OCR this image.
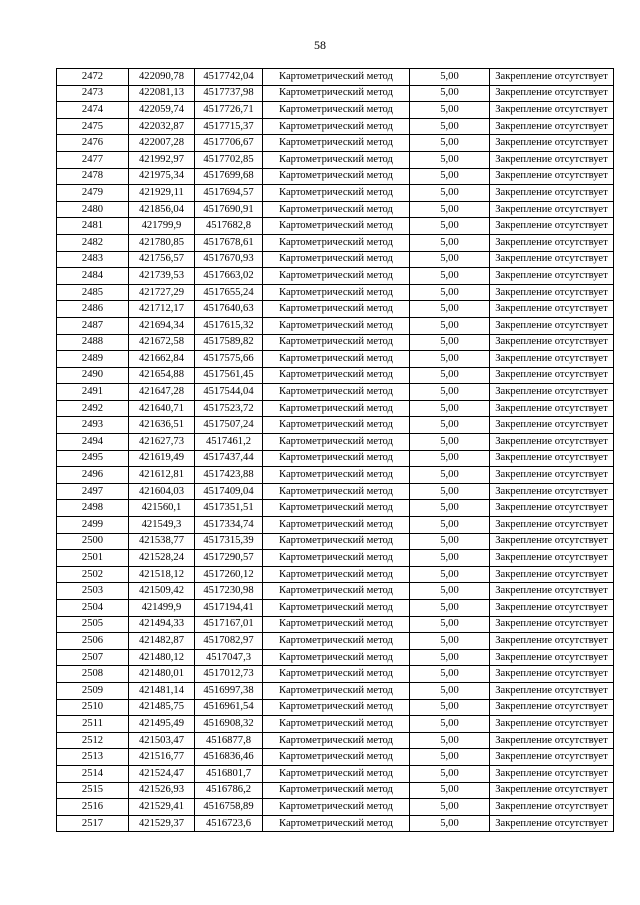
58
2472	422090,78	4517742,04	Картометрический метод	5,00	Закрепление отсутствует
2473	422081,13	4517737,98	Картометрический метод	5,00	Закрепление отсутствует
2474	422059,74	4517726,71	Картометрический метод	5,00	Закрепление отсутствует
2475	422032,87	4517715,37	Картометрический метод	5,00	Закрепление отсутствует
2476	422007,28	4517706,67	Картометрический метод	5,00	Закрепление отсутствует
2477	421992,97	4517702,85	Картометрический метод	5,00	Закрепление отсутствует
2478	421975,34	4517699,68	Картометрический метод	5,00	Закрепление отсутствует
2479	421929,11	4517694,57	Картометрический метод	5,00	Закрепление отсутствует
2480	421856,04	4517690,91	Картометрический метод	5,00	Закрепление отсутствует
2481	421799,9	4517682,8	Картометрический метод	5,00	Закрепление отсутствует
2482	421780,85	4517678,61	Картометрический метод	5,00	Закрепление отсутствует
2483	421756,57	4517670,93	Картометрический метод	5,00	Закрепление отсутствует
2484	421739,53	4517663,02	Картометрический метод	5,00	Закрепление отсутствует
2485	421727,29	4517655,24	Картометрический метод	5,00	Закрепление отсутствует
2486	421712,17	4517640,63	Картометрический метод	5,00	Закрепление отсутствует
2487	421694,34	4517615,32	Картометрический метод	5,00	Закрепление отсутствует
2488	421672,58	4517589,82	Картометрический метод	5,00	Закрепление отсутствует
2489	421662,84	4517575,66	Картометрический метод	5,00	Закрепление отсутствует
2490	421654,88	4517561,45	Картометрический метод	5,00	Закрепление отсутствует
2491	421647,28	4517544,04	Картометрический метод	5,00	Закрепление отсутствует
2492	421640,71	4517523,72	Картометрический метод	5,00	Закрепление отсутствует
2493	421636,51	4517507,24	Картометрический метод	5,00	Закрепление отсутствует
2494	421627,73	4517461,2	Картометрический метод	5,00	Закрепление отсутствует
2495	421619,49	4517437,44	Картометрический метод	5,00	Закрепление отсутствует
2496	421612,81	4517423,88	Картометрический метод	5,00	Закрепление отсутствует
2497	421604,03	4517409,04	Картометрический метод	5,00	Закрепление отсутствует
2498	421560,1	4517351,51	Картометрический метод	5,00	Закрепление отсутствует
2499	421549,3	4517334,74	Картометрический метод	5,00	Закрепление отсутствует
2500	421538,77	4517315,39	Картометрический метод	5,00	Закрепление отсутствует
2501	421528,24	4517290,57	Картометрический метод	5,00	Закрепление отсутствует
2502	421518,12	4517260,12	Картометрический метод	5,00	Закрепление отсутствует
2503	421509,42	4517230,98	Картометрический метод	5,00	Закрепление отсутствует
2504	421499,9	4517194,41	Картометрический метод	5,00	Закрепление отсутствует
2505	421494,33	4517167,01	Картометрический метод	5,00	Закрепление отсутствует
2506	421482,87	4517082,97	Картометрический метод	5,00	Закрепление отсутствует
2507	421480,12	4517047,3	Картометрический метод	5,00	Закрепление отсутствует
2508	421480,01	4517012,73	Картометрический метод	5,00	Закрепление отсутствует
2509	421481,14	4516997,38	Картометрический метод	5,00	Закрепление отсутствует
2510	421485,75	4516961,54	Картометрический метод	5,00	Закрепление отсутствует
2511	421495,49	4516908,32	Картометрический метод	5,00	Закрепление отсутствует
2512	421503,47	4516877,8	Картометрический метод	5,00	Закрепление отсутствует
2513	421516,77	4516836,46	Картометрический метод	5,00	Закрепление отсутствует
2514	421524,47	4516801,7	Картометрический метод	5,00	Закрепление отсутствует
2515	421526,93	4516786,2	Картометрический метод	5,00	Закрепление отсутствует
2516	421529,41	4516758,89	Картометрический метод	5,00	Закрепление отсутствует
2517	421529,37	4516723,6	Картометрический метод	5,00	Закрепление отсутствует
